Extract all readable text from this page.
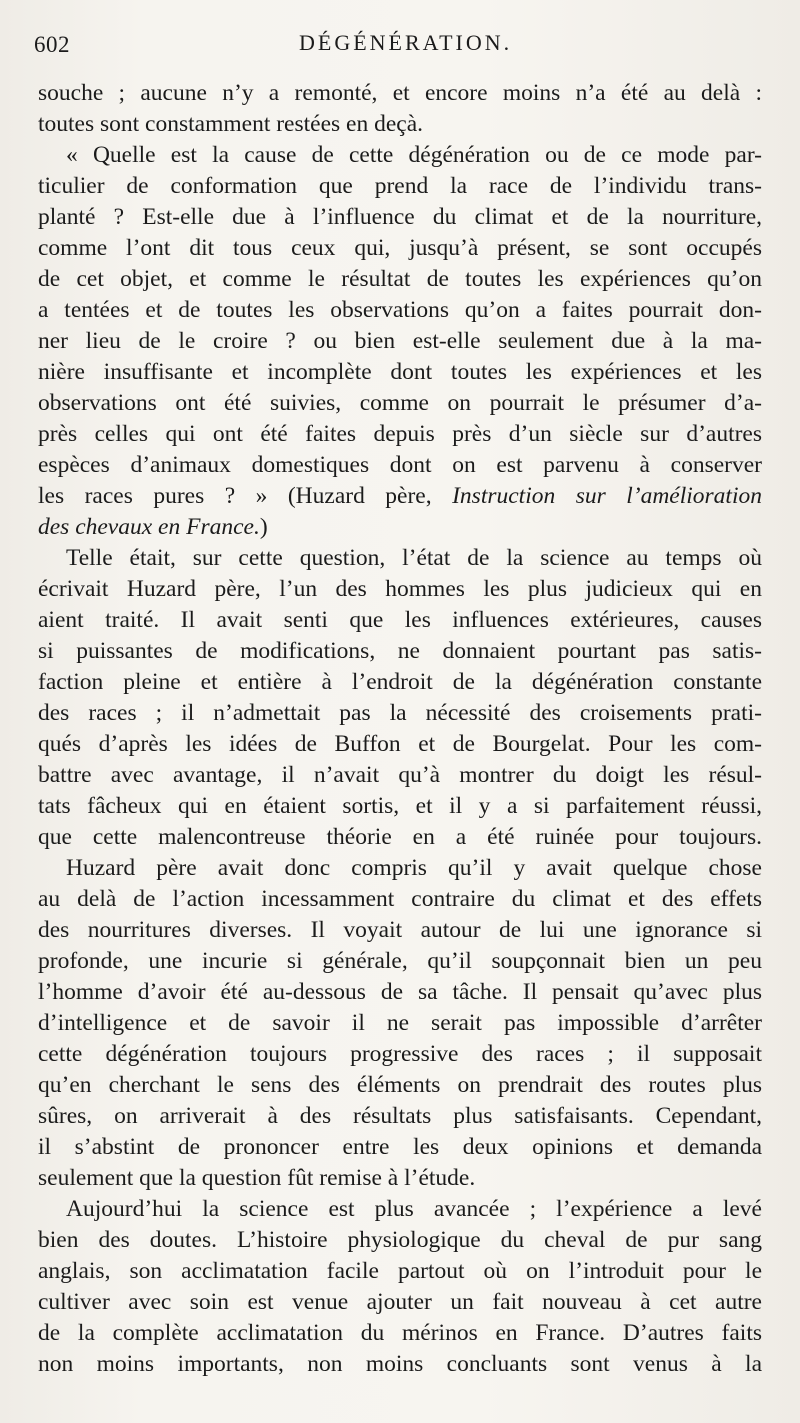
602	DÉGÉNÉRATION.
souche ; aucune n’y a remonté, et encore moins n’a été au delà :
toutes sont constamment restées en deçà.
« Quelle est la cause de cette dégénération ou de ce mode par-
ticulier de conformation que prend la race de l’individu trans-
planté ? Est-elle due à l’influence du climat et de la nourriture,
comme l’ont dit tous ceux qui, jusqu’à présent, se sont occupés
de cet objet, et comme le résultat de toutes les expériences qu’on
a tentées et de toutes les observations qu’on a faites pourrait don-
ner lieu de le croire ? ou bien est-elle seulement due à la ma-
nière insuffisante et incomplète dont toutes les expériences et les
observations ont été suivies, comme on pourrait le présumer d’a-
près celles qui ont été faites depuis près d’un siècle sur d’autres
espèces d’animaux domestiques dont on est parvenu à conserver
les races pures ? » (Huzard père, Instruction sur l’amélioration
des chevaux en France.)
Telle était, sur cette question, l’état de la science au temps où
écrivait Huzard père, l’un des hommes les plus judicieux qui en
aient traité. Il avait senti que les influences extérieures, causes
si puissantes de modifications, ne donnaient pourtant pas satis-
faction pleine et entière à l’endroit de la dégénération constante
des races ; il n’admettait pas la nécessité des croisements prati-
qués d’après les idées de Buffon et de Bourgelat. Pour les com-
battre avec avantage, il n’avait qu’à montrer du doigt les résul-
tats fâcheux qui en étaient sortis, et il y a si parfaitement réussi,
que cette malencontreuse théorie en a été ruinée pour toujours.
Huzard père avait donc compris qu’il y avait quelque chose
au delà de l’action incessamment contraire du climat et des effets
des nourritures diverses. Il voyait autour de lui une ignorance si
profonde, une incurie si générale, qu’il soupçonnait bien un peu
l’homme d’avoir été au-dessous de sa tâche. Il pensait qu’avec plus
d’intelligence et de savoir il ne serait pas impossible d’arrêter
cette dégénération toujours progressive des races ; il supposait
qu’en cherchant le sens des éléments on prendrait des routes plus
sûres, on arriverait à des résultats plus satisfaisants. Cependant,
il s’abstint de prononcer entre les deux opinions et demanda
seulement que la question fût remise à l’étude.
Aujourd’hui la science est plus avancée ; l’expérience a levé
bien des doutes. L’histoire physiologique du cheval de pur sang
anglais, son acclimatation facile partout où on l’introduit pour le
cultiver avec soin est venue ajouter un fait nouveau à cet autre
de la complète acclimatation du mérinos en France. D’autres faits
non moins importants, non moins concluants sont venus à la
